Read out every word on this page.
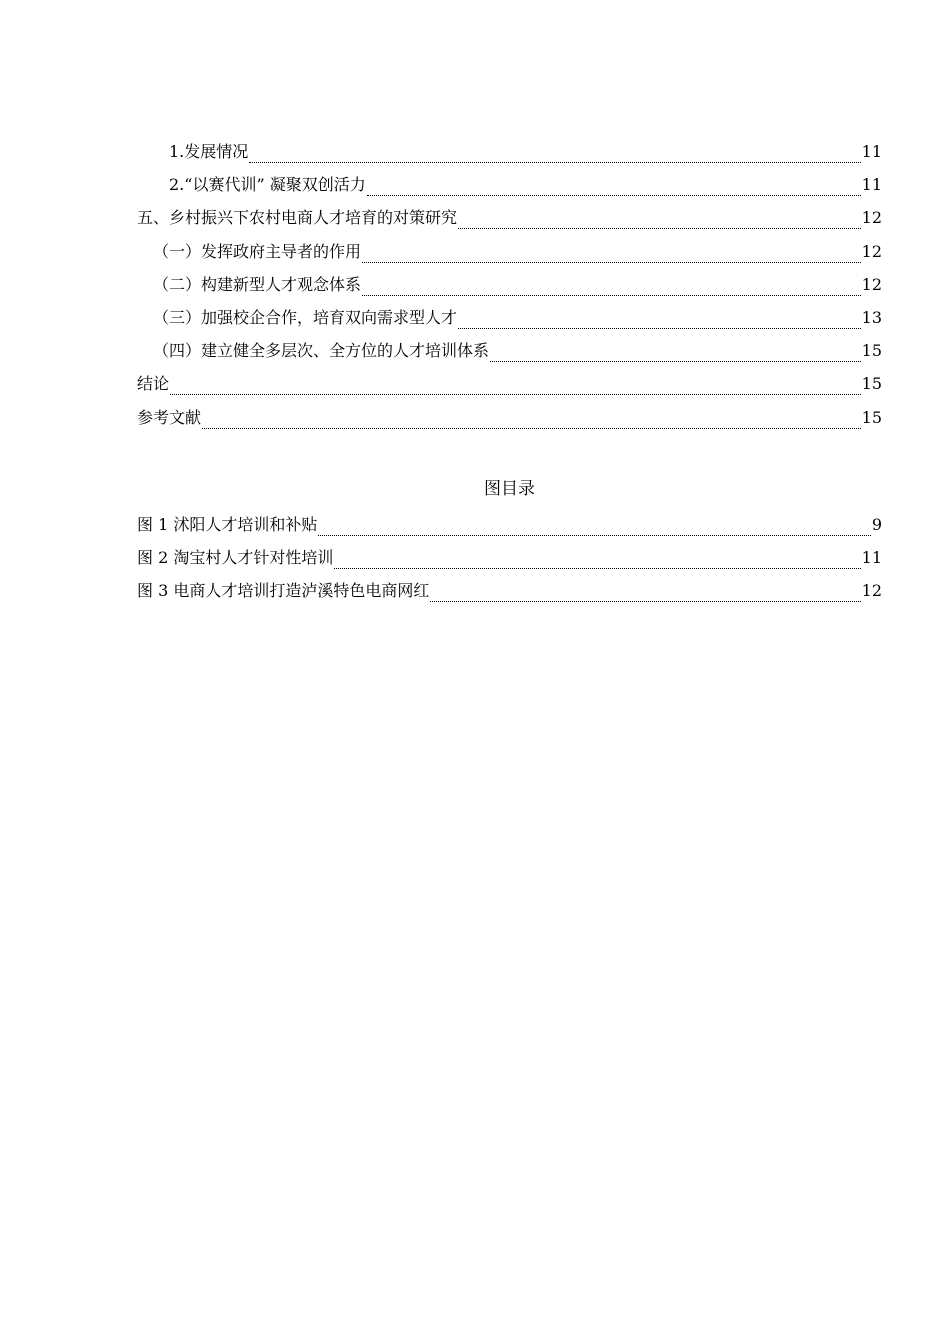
1.发展情况	11
2.“以赛代训” 凝聚双创活力	11
五、乡村振兴下农村电商人才培育的对策研究	12
（一）发挥政府主导者的作用	12
（二）构建新型人才观念体系	12
（三）加强校企合作，培育双向需求型人才	13
（四）建立健全多层次、全方位的人才培训体系	15
结论	15
参考文献	15
图目录
图 1 沭阳人才培训和补贴	9
图 2 淘宝村人才针对性培训	11
图 3 电商人才培训打造泸溪特色电商网红	12
